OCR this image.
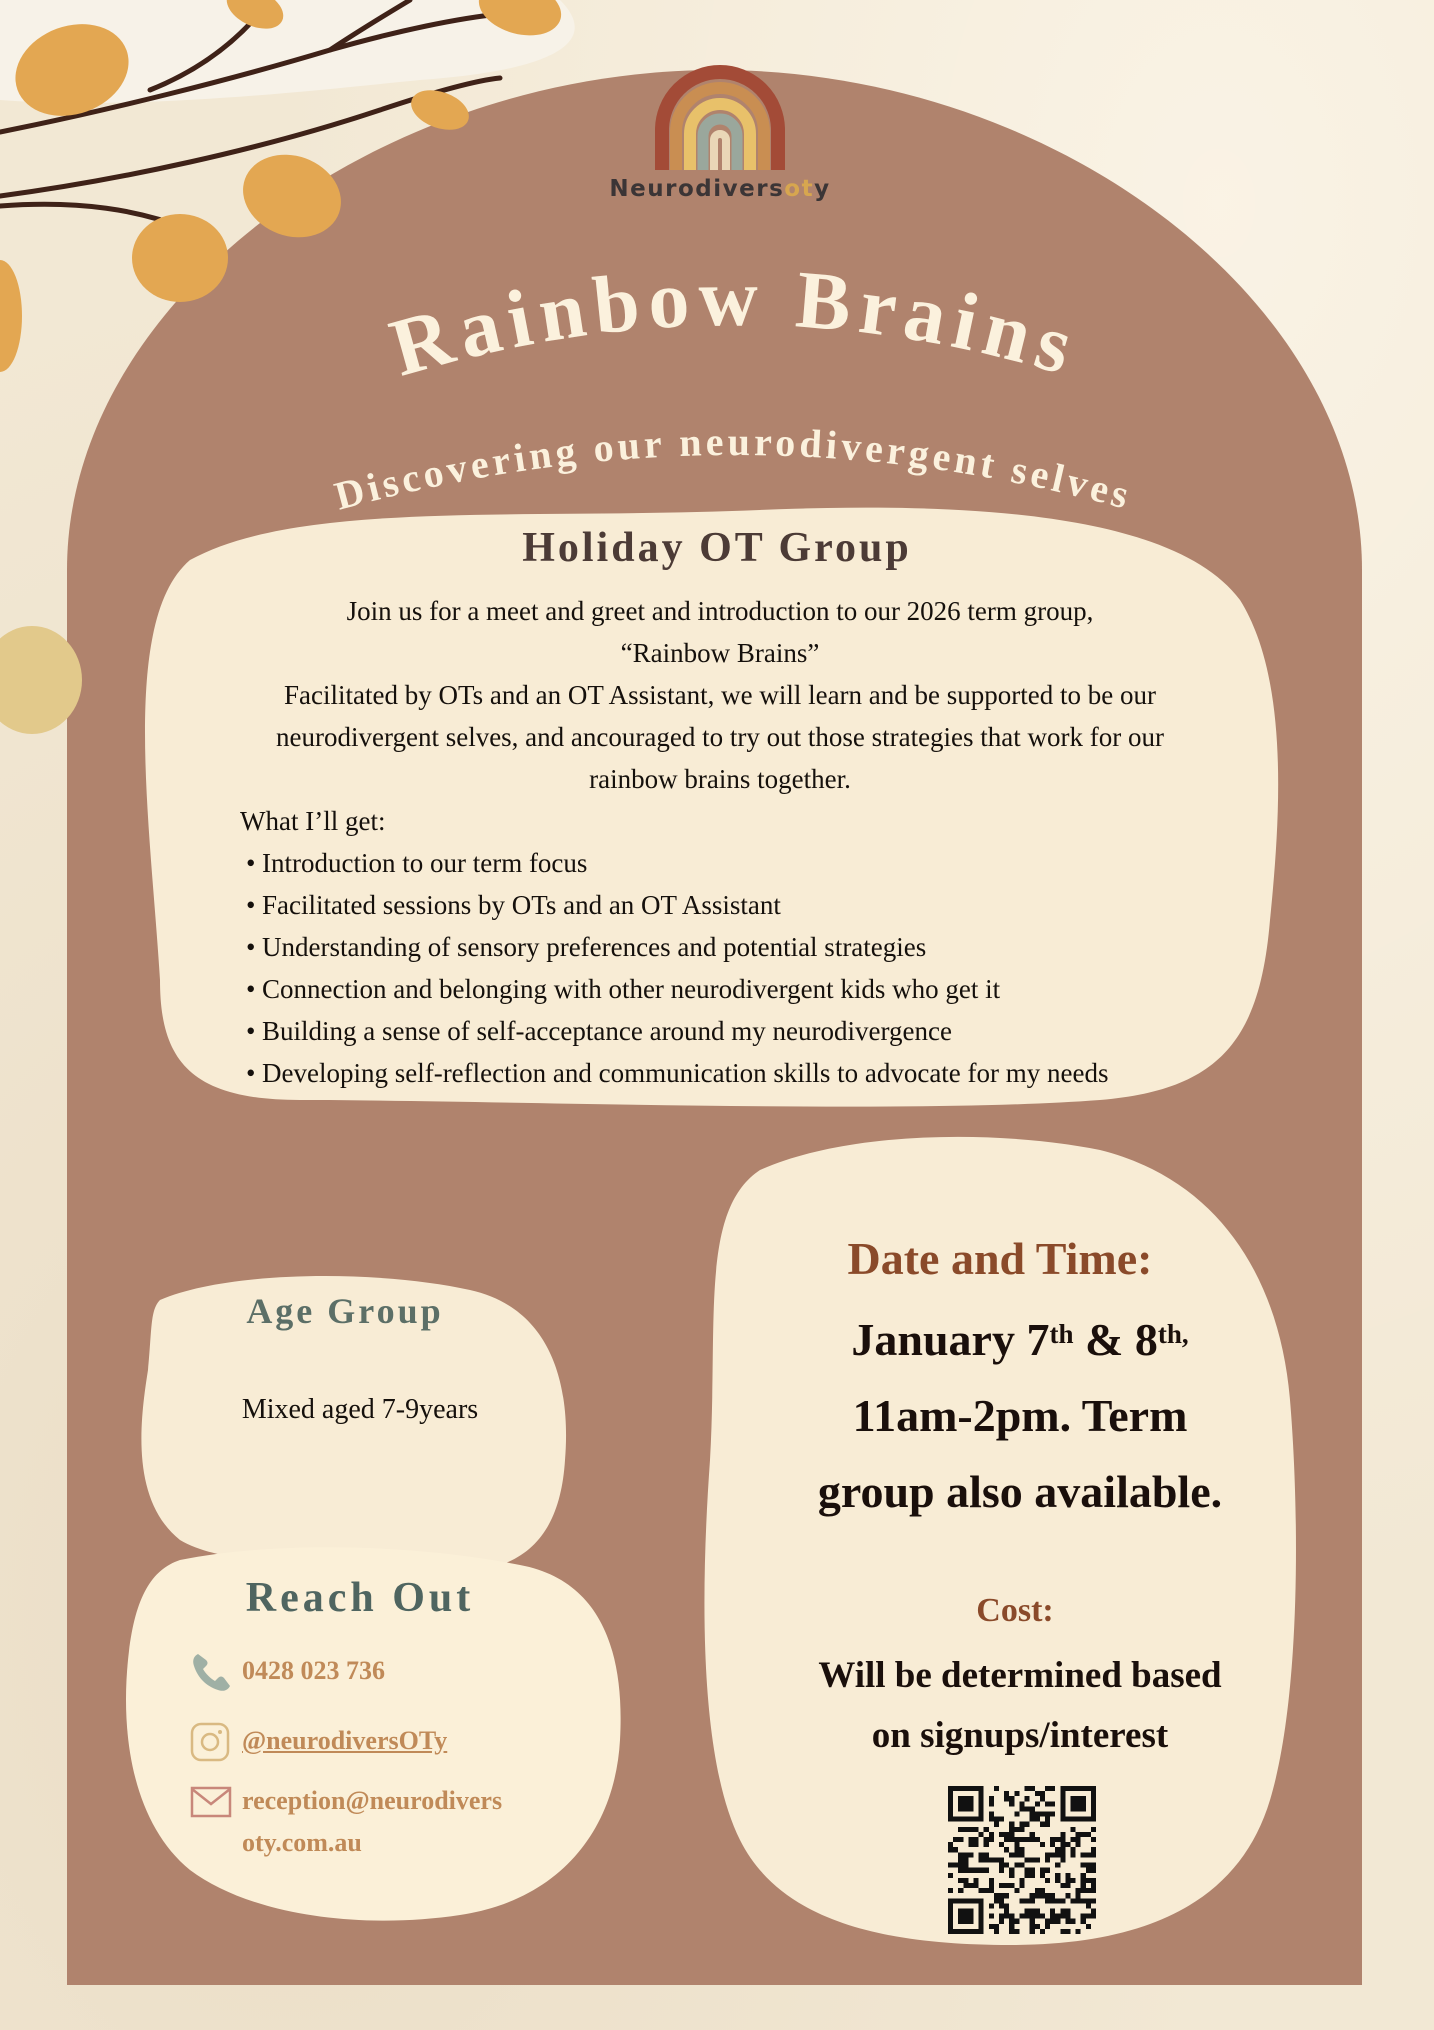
Rainbow Brains
Discovering our neurodivergent selves
Neurodiversoty
Holiday OT Group
Join us for a meet and greet and introduction to our 2026 term group,
“Rainbow Brains”
Facilitated by OTs and an OT Assistant, we will learn and be supported to be our
neurodivergent selves, and ancouraged to try out those strategies that work for our
rainbow brains together.
What I’ll get:
• Introduction to our term focus
• Facilitated sessions by OTs and an OT Assistant
• Understanding of sensory preferences and potential strategies
• Connection and belonging with other neurodivergent kids who get it
• Building a sense of self-acceptance around my neurodivergence
• Developing self-reflection and communication skills to advocate for my needs
Age Group
Mixed aged 7-9years
Reach Out
0428 023 736
@neurodiversOTy
reception@neurodivers
oty.com.au
Date and Time:
January 7th & $8^{th,}$
11am-2pm. Term
group also available.
Cost:
Will be determined based
on signups/interest
